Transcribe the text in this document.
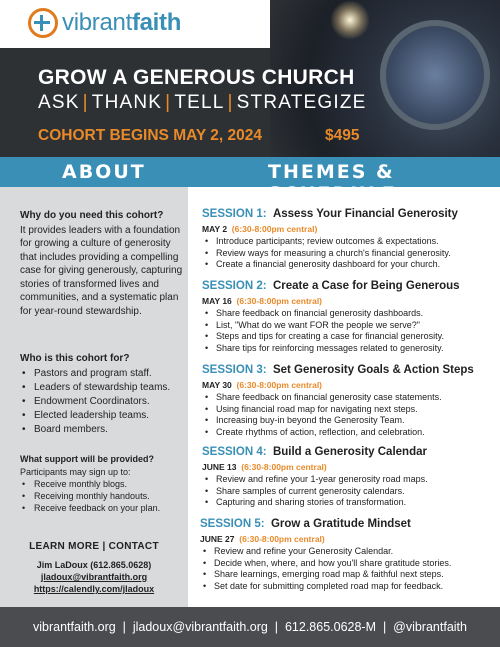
vibrantfaith
GROW A GENEROUS CHURCH
ASK | THANK | TELL | STRATEGIZE
COHORT BEGINS MAY 2, 2024	$495
ABOUT	THEMES &
Why do you need this cohort?

It provides leaders with a foundation for growing a culture of generosity that includes providing a compelling case for giving generously, capturing stories of transformed lives and communities, and a systematic plan for year-round stewardship.

Who is this cohort for?
• Pastors and program staff.
• Leaders of stewardship teams.
• Endowment Coordinators.
• Elected leadership teams.
• Board members.
What support will be provided?

Participants may sign up to:

• Receive monthly blogs.
• Receiving monthly handouts.
• Receive feedback on your plan.
LEARN MORE | CONTACT
Jim LaDoux (612.865.0628)
jladoux@vibrantfaith.org
https://calendly.com/jladoux
SESSION 1: Assess Your Financial Generosity
MAY 2 (6:30-8:00pm central)
• Introduce participants; review outcomes & expectations.
• Review ways for measuring a church's financial generosity.
• Create a financial generosity dashboard for your church.
SESSION 2: Create a Case for Being Generous
MAY 16 (6:30-8:00pm central)
• Share feedback on financial generosity dashboards.
• List, "What do we want FOR the people we serve?"
• Steps and tips for creating a case for financial generosity.
• Share tips for reinforcing messages related to generosity.
SESSION 3: Set Generosity Goals & Action Steps
MAY 30 (6:30-8:00pm central)
• Share feedback on financial generosity case statements.
• Using financial road map for navigating next steps.
• Increasing buy-in beyond the Generosity Team.
• Create rhythms of action, reflection, and celebration.
SESSION 4: Build a Generosity Calendar
JUNE 13 (6:30-8:00pm central)
• Review and refine your 1-year generosity road maps.
• Share samples of current generosity calendars.
• Capturing and sharing stories of transformation.
SESSION 5: Grow a Gratitude Mindset
JUNE 27 (6:30-8:00pm central)
• Review and refine your Generosity Calendar.
• Decide when, where, and how you'll share gratitude stories.
• Share learnings, emerging road map & faithful next steps.
• Set date for submitting completed road map for feedback.
vibrantfaith.org  |  jladoux@vibrantfaith.org  |  612.865.0628-M  |  @vibrantfaith
